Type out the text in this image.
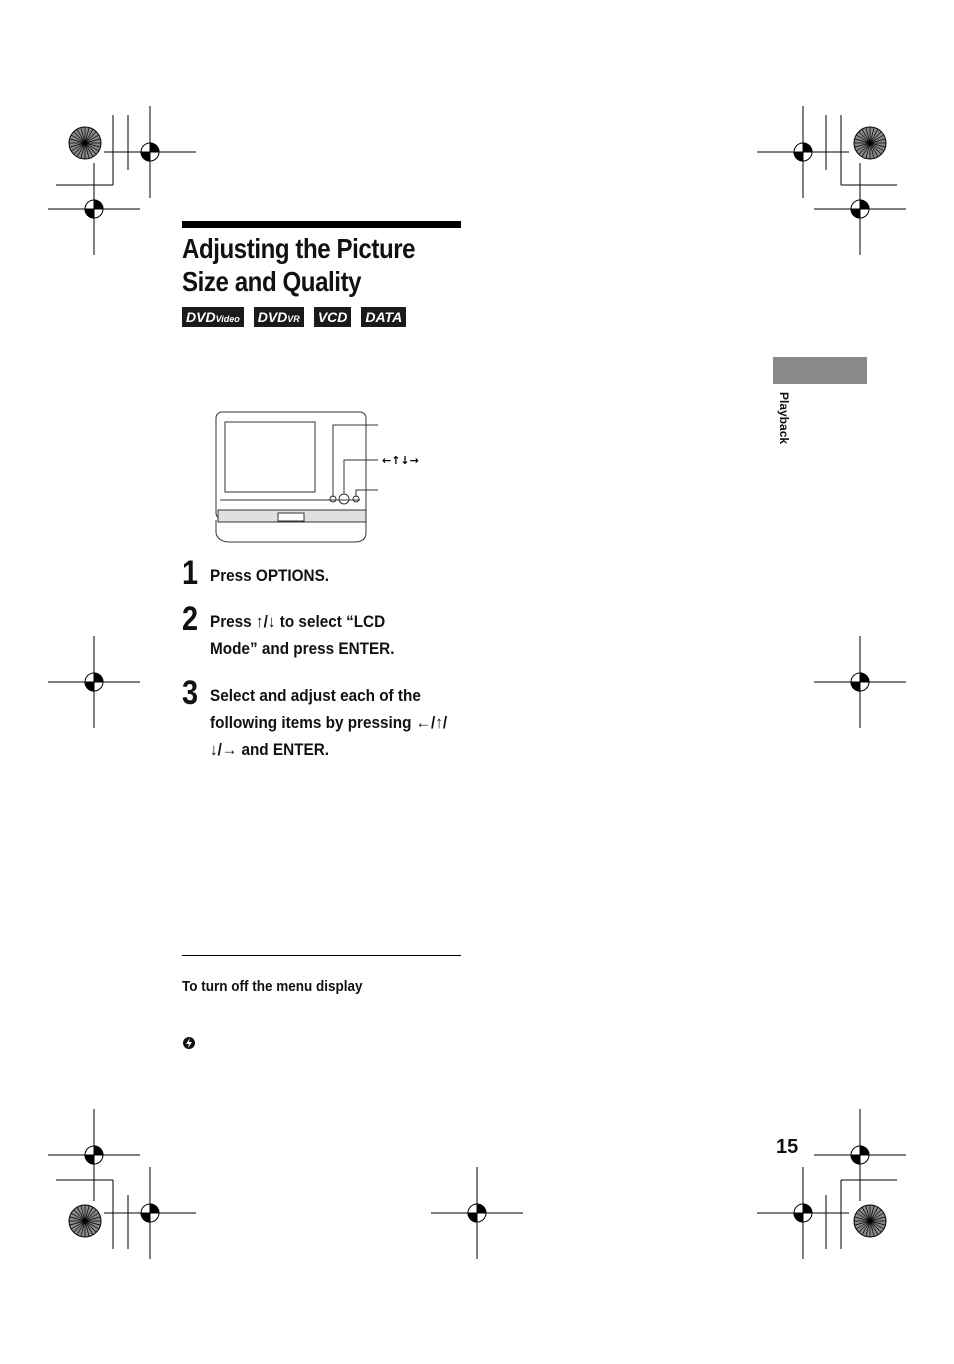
Adjusting the Picture
Size and Quality
DVDVideo DVDVR VCD DATA
Playback
←↑↓→
1 Press OPTIONS.
2 Press ↑/↓ to select “LCD Mode” and press ENTER.
3 Select and adjust each of the following items by pressing ←/↑/↓/→ and ENTER.
To turn off the menu display
15
